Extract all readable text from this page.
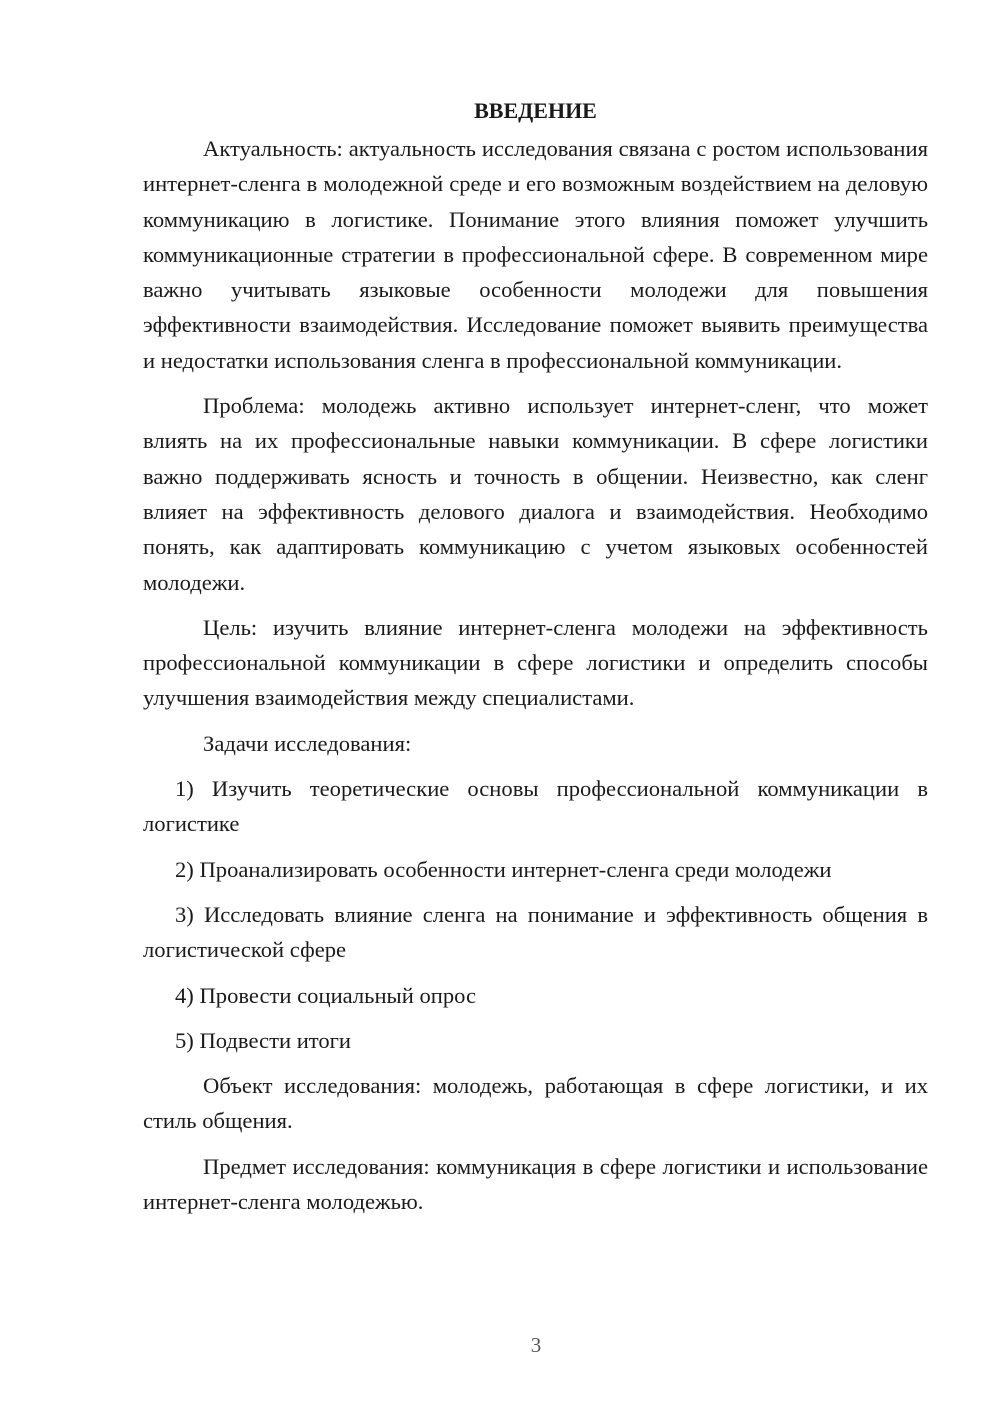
ВВЕДЕНИЕ

Актуальность: актуальность исследования связана с ростом использования интернет-сленга в молодежной среде и его возможным воздействием на деловую коммуникацию в логистике. Понимание этого влияния поможет улучшить коммуникационные стратегии в профессиональной сфере. В современном мире важно учитывать языковые особенности молодежи для повышения эффективности взаимодействия. Исследование поможет выявить преимущества и недостатки использования сленга в профессиональной коммуникации.

Проблема: молодежь активно использует интернет-сленг, что может влиять на их профессиональные навыки коммуникации. В сфере логистики важно поддерживать ясность и точность в общении. Неизвестно, как сленг влияет на эффективность делового диалога и взаимодействия. Необходимо понять, как адаптировать коммуникацию с учетом языковых особенностей молодежи.

Цель: изучить влияние интернет-сленга молодежи на эффективность профессиональной коммуникации в сфере логистики и определить способы улучшения взаимодействия между специалистами.

Задачи исследования:

1) Изучить теоретические основы профессиональной коммуникации в логистике

2) Проанализировать особенности интернет-сленга среди молодежи

3) Исследовать влияние сленга на понимание и эффективность общения в логистической сфере

4) Провести социальный опрос

5) Подвести итоги

Объект исследования: молодежь, работающая в сфере логистики, и их стиль общения.

Предмет исследования: коммуникация в сфере логистики и использование интернет-сленга молодежью.

3
